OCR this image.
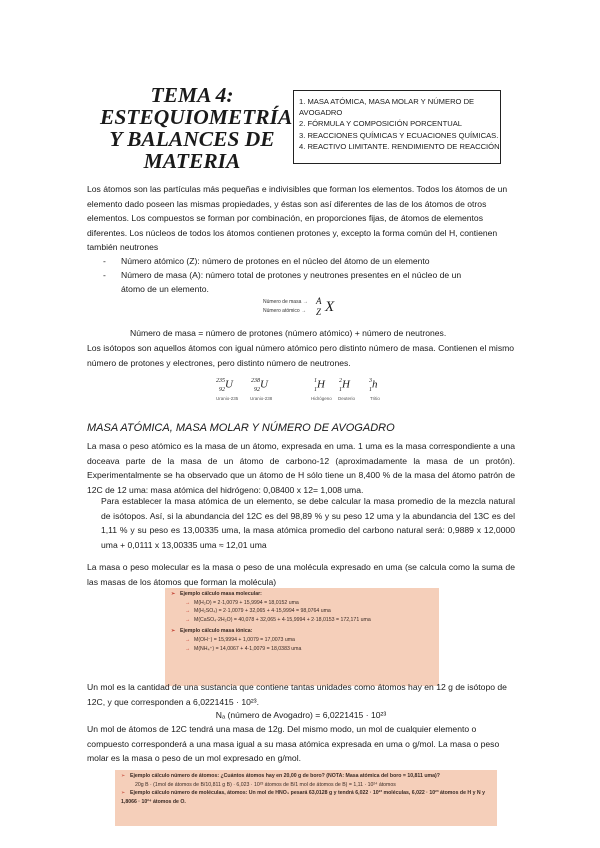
TEMA 4:
ESTEQUIOMETRÍA
Y BALANCES DE
MATERIA
1. MASA ATÓMICA, MASA MOLAR Y NÚMERO DE
AVOGADRO
2. FÓRMULA Y COMPOSICIÓN PORCENTUAL
3. REACCIONES QUÍMICAS Y ECUACIONES QUÍMICAS.
4. REACTIVO LIMITANTE. RENDIMIENTO DE REACCIÓN
Los átomos son las partículas más pequeñas e indivisibles que forman los elementos. Todos los átomos de un elemento dado poseen las mismas propiedades, y éstas son así diferentes de las de los átomos de otros elementos. Los compuestos se forman por combinación, en proporciones fijas, de átomos de elementos diferentes. Los núcleos de todos los átomos contienen protones y, excepto la forma común del H, contienen también neutrones
- Número atómico (Z): número de protones en el núcleo del átomo de un elemento
- Número de masa (A): número total de protones y neutrones presentes en el núcleo de un
átomo de un elemento.
Número de masa →
Número atómico →
A
Z X
Número de masa = número de protones (número atómico) + número de neutrones.
Los isótopos son aquellos átomos con igual número atómico pero distinto número de masa. Contienen el mismo número de protones y electrones, pero distinto número de neutrones.
235
92U	238
92U	1
1H 2
1H	3
1h
Uranio-235	Uranio-238	Hidrógeno Deuterio	Tritio
MASA ATÓMICA, MASA MOLAR Y NÚMERO DE AVOGADRO
La masa o peso atómico es la masa de un átomo, expresada en uma. 1 uma es la masa correspondiente a una doceava parte de la masa de un átomo de carbono-12 (aproximadamente la masa de un protón). Experimentalmente se ha observado que un átomo de H sólo tiene un 8,400 % de la masa del átomo patrón de 12C de 12 uma: masa atómica del hidrógeno: 0,08400 x 12= 1,008 uma.
Para establecer la masa atómica de un elemento, se debe calcular la masa promedio de la mezcla natural de isótopos. Así, si la abundancia del 12C es del 98,89 % y su peso 12 uma y la abundancia del 13C es del 1,11 % y su peso es 13,00335 uma, la masa atómica promedio del carbono natural será: 0,9889 x 12,0000 uma + 0,0111 x 13,00335 uma ≈ 12,01 uma
La masa o peso molecular es la masa o peso de una molécula expresado en uma (se calcula como la suma de las masas de los átomos que forman la molécula)
➢ Ejemplo cálculo masa molecular:
→ M(H₂O) = 2·1,0079 + 15,9994 = 18,0152 uma
→ M(H₂SO₄) = 2·1,0079 + 32,065 + 4·15,9994 = 98,0764 uma
→ M(CaSO₄·2H₂O) = 40,078 + 32,065 + 4·15,9994 + 2·18,0153 = 172,171 uma
➢ Ejemplo cálculo masa iónica:
→ M(OH⁻) = 15,9994 + 1,0079 = 17,0073 uma
→ M(NH₄⁺) = 14,0067 + 4·1,0079 = 18,0383 uma
Un mol es la cantidad de una sustancia que contiene tantas unidades como átomos hay en 12 g de isótopo de 12C, y que corresponden a 6,0221415 · 10²³.
Nₐ (número de Avogadro) = 6,0221415 · 10²³
Un mol de átomos de 12C tendrá una masa de 12g. Del mismo modo, un mol de cualquier elemento o compuesto corresponderá a una masa igual a su masa atómica expresada en uma o g/mol. La masa o peso molar es la masa o peso de un mol expresado en g/mol.
➢ Ejemplo cálculo número de átomos: ¿Cuántos átomos hay en 20,00 g de boro? (NOTA: Masa atómica del boro = 10,811 uma)?
20g B · (1mol de átomos de B/10,811 g B) · 6,023 · 10²³ átomos de B/1 mol de átomos de B) = 1,11 · 10²⁴ átomos
➢ Ejemplo cálculo número de moléculas, átomos: Un mol de HNO₃ pesará 63,0128 g y tendrá 6,022 · 10²³ moléculas, 6,022 · 10²³ átomos de H y N y 1,8066 · 10²⁴ átomos de O.
